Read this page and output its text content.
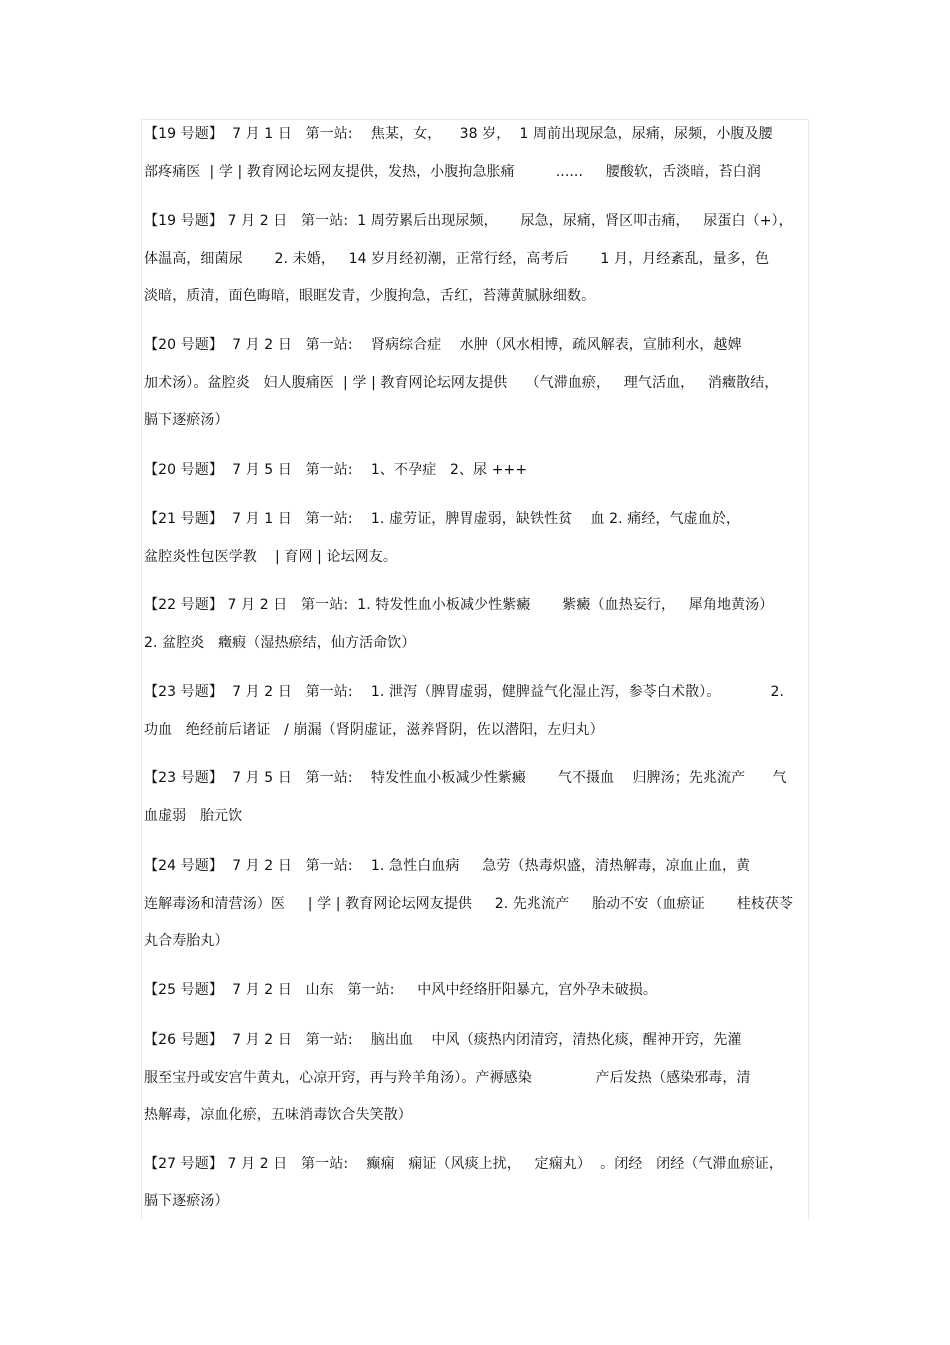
【19 号题】  7 月 1 日   第一站:    焦某，女，    38 岁，  1 周前出现尿急，尿痛，尿频，小腹及腰
部疼痛医  | 学 | 教育网论坛网友提供，发热，小腹拘急胀痛         ......     腰酸软，舌淡暗，苔白润
【19 号题】 7 月 2 日   第一站:  1 周劳累后出现尿频，     尿急，尿痛，肾区叩击痛，   尿蛋白（+），
体温高，细菌尿       2. 未婚，   14 岁月经初潮，正常行经，高考后       1 月，月经紊乱，量多，色
淡暗，质清，面色晦暗，眼眶发青，少腹拘急，舌红，苔薄黄腻脉细数。
【20 号题】  7 月 2 日   第一站:    肾病综合症    水肿（风水相博，疏风解表，宣肺利水，越婢
加术汤）。盆腔炎   妇人腹痛医  | 学 | 教育网论坛网友提供    （气滞血瘀，   理气活血，   消癥散结，
膈下逐瘀汤）
【20 号题】  7 月 5 日   第一站:    1、不孕症   2、尿 +++
【21 号题】  7 月 1 日   第一站:    1. 虚劳证，脾胃虚弱，缺铁性贫    血 2. 痛经，气虚血於，
盆腔炎性包医学教    | 育网 | 论坛网友。
【22 号题】 7 月 2 日   第一站:  1. 特发性血小板减少性紫癜       紫癜（血热妄行，   犀角地黄汤）
2. 盆腔炎   癥瘕（湿热瘀结，仙方活命饮）
【23 号题】  7 月 2 日   第一站:    1. 泄泻（脾胃虚弱，健脾益气化湿止泻，参苓白术散）。           2.
功血   绝经前后诸证   / 崩漏（肾阴虚证，滋养肾阴，佐以潜阳，左归丸）
【23 号题】  7 月 5 日   第一站:    特发性血小板减少性紫癜       气不摄血    归脾汤；先兆流产      气
血虚弱   胎元饮
【24 号题】  7 月 2 日   第一站:    1. 急性白血病     急劳（热毒炽盛，清热解毒，凉血止血，黄
连解毒汤和清营汤）医     | 学 | 教育网论坛网友提供     2. 先兆流产     胎动不安（血瘀证       桂枝茯苓
丸合寿胎丸）
【25 号题】  7 月 2 日   山东   第一站:     中风中经络肝阳暴亢，宫外孕未破损。
【26 号题】  7 月 2 日   第一站:    脑出血    中风（痰热内闭清窍，清热化痰，醒神开窍，先灌
服至宝丹或安宫牛黄丸，心凉开窍，再与羚羊角汤）。产褥感染              产后发热（感染邪毒，清
热解毒，凉血化瘀，五味消毒饮合失笑散）
【27 号题】 7 月 2 日   第一站:    癫痫   痫证（风痰上扰，   定痫丸）  。闭经   闭经（气滞血瘀证，
膈下逐瘀汤）
